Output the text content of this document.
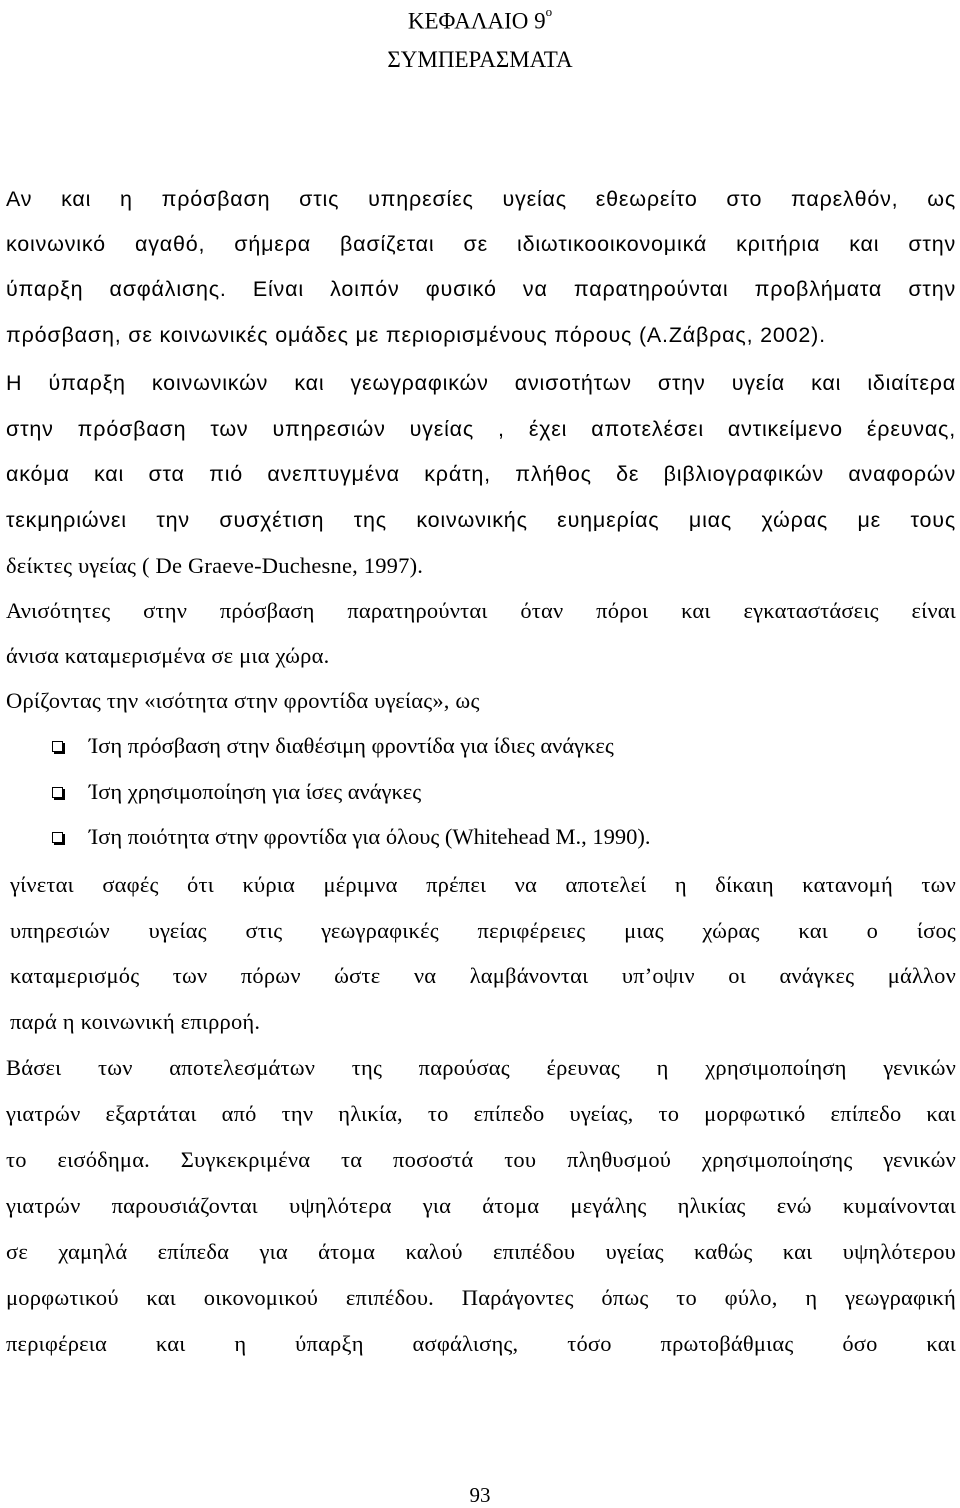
ΚΕΦΑΛΑΙΟ $9^o$
ΣΥΜΠΕΡΑΣΜΑΤΑ
Αν και η πρόσβαση στις υπηρεσίες υγείας εθεωρείτο στο παρελθόν, ως
κοινωνικό αγαθό, σήμερα βασίζεται σε ιδιωτικοοικονομικά κριτήρια και στην
ύπαρξη ασφάλισης. Είναι λοιπόν φυσικό να παρατηρούνται προβλήματα στην
πρόσβαση, σε κοινωνικές ομάδες με περιορισμένους πόρους (Α.Ζάβρας, 2002).
Η ύπαρξη κοινωνικών και γεωγραφικών ανισοτήτων στην υγεία και ιδιαίτερα
στην πρόσβαση των υπηρεσιών υγείας , έχει αποτελέσει αντικείμενο έρευνας,
ακόμα και στα πιό ανεπτυγμένα κράτη, πλήθος δε βιβλιογραφικών αναφορών
τεκμηριώνει την συσχέτιση της κοινωνικής ευημερίας μιας χώρας με τους
δείκτες υγείας ( De Graeve-Duchesne, 1997).
Ανισότητες στην πρόσβαση παρατηρούνται όταν πόροι και εγκαταστάσεις είναι
άνισα καταμερισμένα σε μια χώρα.
Ορίζοντας την «ισότητα στην φροντίδα υγείας», ως
Ίση πρόσβαση στην διαθέσιμη φροντίδα για ίδιες ανάγκες
Ίση χρησιμοποίηση για ίσες ανάγκες
Ίση ποιότητα στην φροντίδα για όλους (Whitehead M., 1990).
γίνεται σαφές ότι κύρια μέριμνα πρέπει να αποτελεί η δίκαιη κατανομή των
υπηρεσιών υγείας στις γεωγραφικές περιφέρειες μιας χώρας και ο ίσος
καταμερισμός των πόρων ώστε να λαμβάνονται υπ’οψιν οι ανάγκες μάλλον
παρά η κοινωνική επιρροή.
Βάσει των αποτελεσμάτων της παρούσας έρευνας η χρησιμοποίηση γενικών
γιατρών εξαρτάται από την ηλικία, το επίπεδο υγείας, το μορφωτικό επίπεδο και
το εισόδημα. Συγκεκριμένα τα ποσοστά του πληθυσμού χρησιμοποίησης γενικών
γιατρών παρουσιάζονται υψηλότερα για άτομα μεγάλης ηλικίας ενώ κυμαίνονται
σε χαμηλά επίπεδα για άτομα καλού επιπέδου υγείας καθώς και υψηλότερου
μορφωτικού και οικονομικού επιπέδου. Παράγοντες όπως το φύλο, η γεωγραφική
περιφέρεια και η ύπαρξη ασφάλισης, τόσο πρωτοβάθμιας όσο και
93
